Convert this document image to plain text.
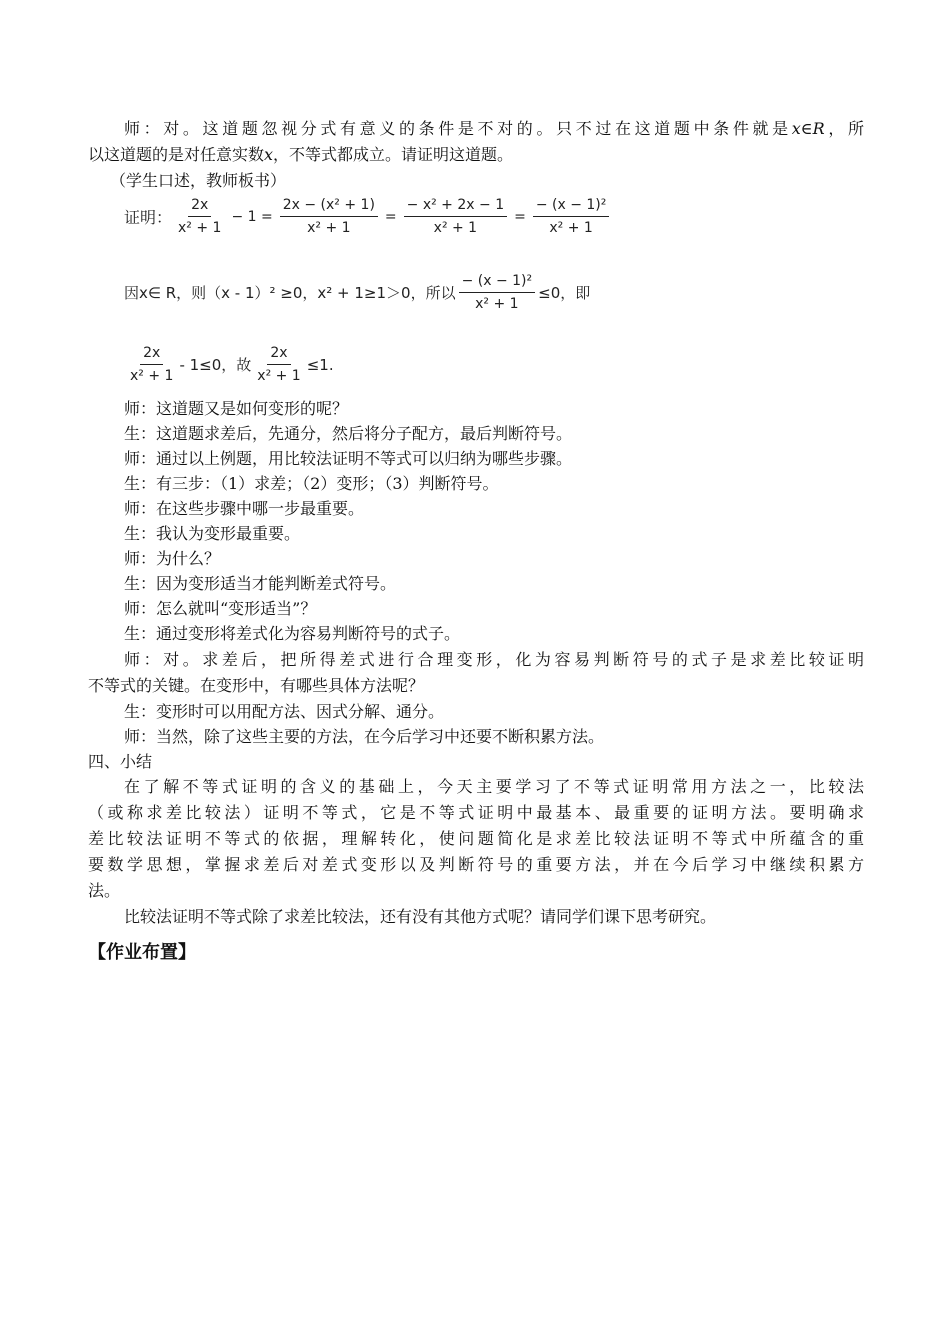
师：对。这道题忽视分式有意义的条件是不对的。只不过在这道题中条件就是x∈R，所
以这道题的是对任意实数x，不等式都成立。请证明这道题。
（学生口述，教师板书）
证明： $\frac{2x}{\text{x² + 1}} - 1 = \frac{\text{2x − (x² + 1)}}{\text{x² + 1}} = \frac{\text{− x² + 2x − 1}}{\text{x² + 1}} = \frac{\text{− (x − 1)²}}{\text{x² + 1}}$
因x∈ R，则（x - 1）² ≥0，x² + 1≥1＞0，所以 $\frac{\text{− (x − 1)²}}{\text{x² + 1}} \le 0$，即
$\frac{2x}{\text{x² + 1}} - 1\le 0$，故 $\frac{2x}{\text{x² + 1}} \le 1$.
师：这道题又是如何变形的呢？
生：这道题求差后，先通分，然后将分子配方，最后判断符号。
师：通过以上例题，用比较法证明不等式可以归纳为哪些步骤。
生：有三步：（1）求差；（2）变形；（3）判断符号。
师：在这些步骤中哪一步最重要。
生：我认为变形最重要。
师：为什么？
生：因为变形适当才能判断差式符号。
师：怎么就叫“变形适当”？
生：通过变形将差式化为容易判断符号的式子。
师：对。求差后，把所得差式进行合理变形，化为容易判断符号的式子是求差比较证明
不等式的关键。在变形中，有哪些具体方法呢？
生：变形时可以用配方法、因式分解、通分。
师：当然，除了这些主要的方法，在今后学习中还要不断积累方法。
四、小结
在了解不等式证明的含义的基础上，今天主要学习了不等式证明常用方法之一，比较法
（或称求差比较法）证明不等式，它是不等式证明中最基本、最重要的证明方法。要明确求
差比较法证明不等式的依据，理解转化，使问题简化是求差比较法证明不等式中所蕴含的重
要数学思想，掌握求差后对差式变形以及判断符号的重要方法，并在今后学习中继续积累方
法。
比较法证明不等式除了求差比较法，还有没有其他方式呢？请同学们课下思考研究。
【作业布置】
